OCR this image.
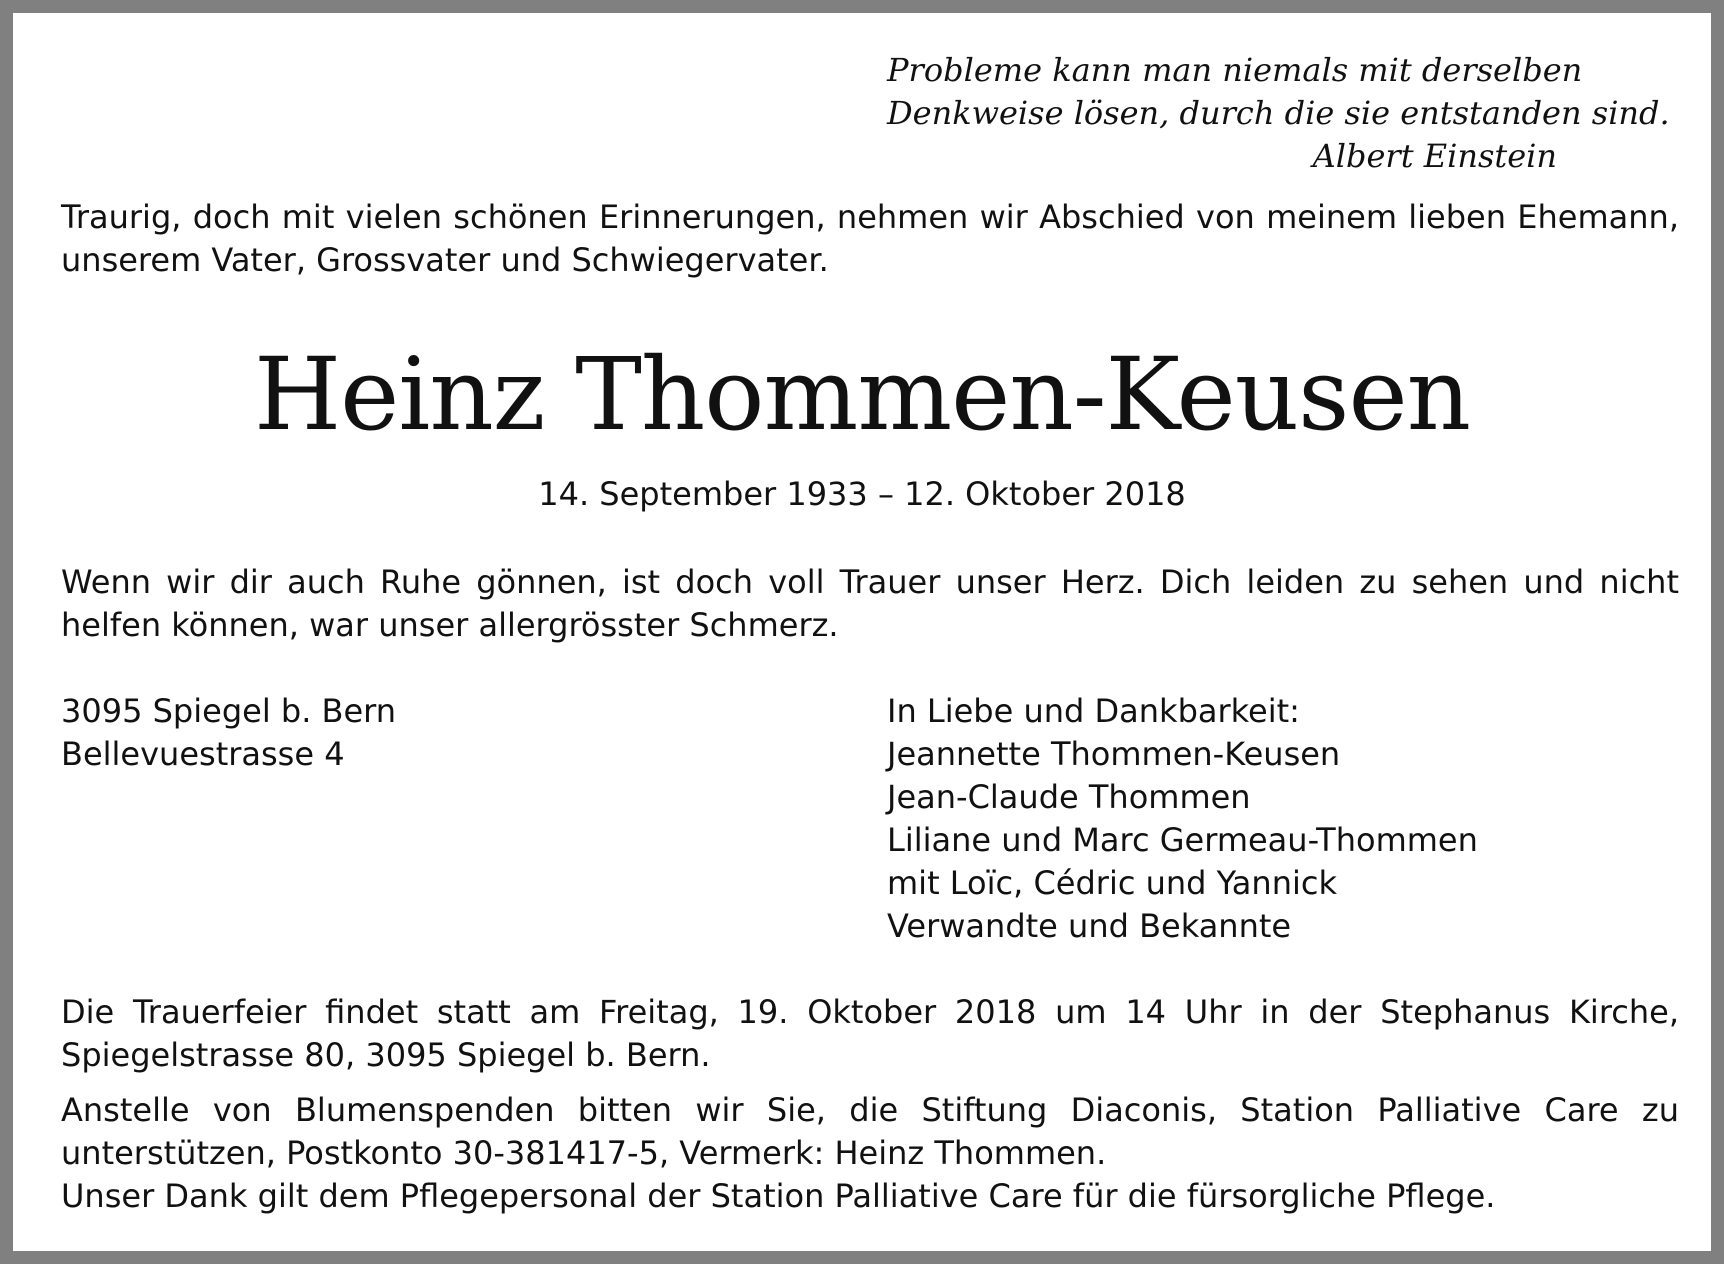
Probleme kann man niemals mit derselben
Denkweise lösen, durch die sie entstanden sind.
Albert Einstein
Traurig, doch mit vielen schönen Erinnerungen, nehmen wir Abschied von meinem lieben Ehemann, unserem Vater, Grossvater und Schwiegervater.
Heinz Thommen-Keusen
14. September 1933 – 12. Oktober 2018
Wenn wir dir auch Ruhe gönnen, ist doch voll Trauer unser Herz. Dich leiden zu sehen und nicht helfen können, war unser allergrösster Schmerz.
3095 Spiegel b. Bern
Bellevuestrasse 4
In Liebe und Dankbarkeit:
Jeannette Thommen-Keusen
Jean-Claude Thommen
Liliane und Marc Germeau-Thommen
mit Loïc, Cédric und Yannick
Verwandte und Bekannte
Die Trauerfeier findet statt am Freitag, 19. Oktober 2018 um 14 Uhr in der Stephanus Kirche, Spiegelstrasse 80, 3095 Spiegel b. Bern.
Anstelle von Blumenspenden bitten wir Sie, die Stiftung Diaconis, Station Palliative Care zu unterstützen, Postkonto 30-381417-5, Vermerk: Heinz Thommen.
Unser Dank gilt dem Pflegepersonal der Station Palliative Care für die fürsorgliche Pflege.
